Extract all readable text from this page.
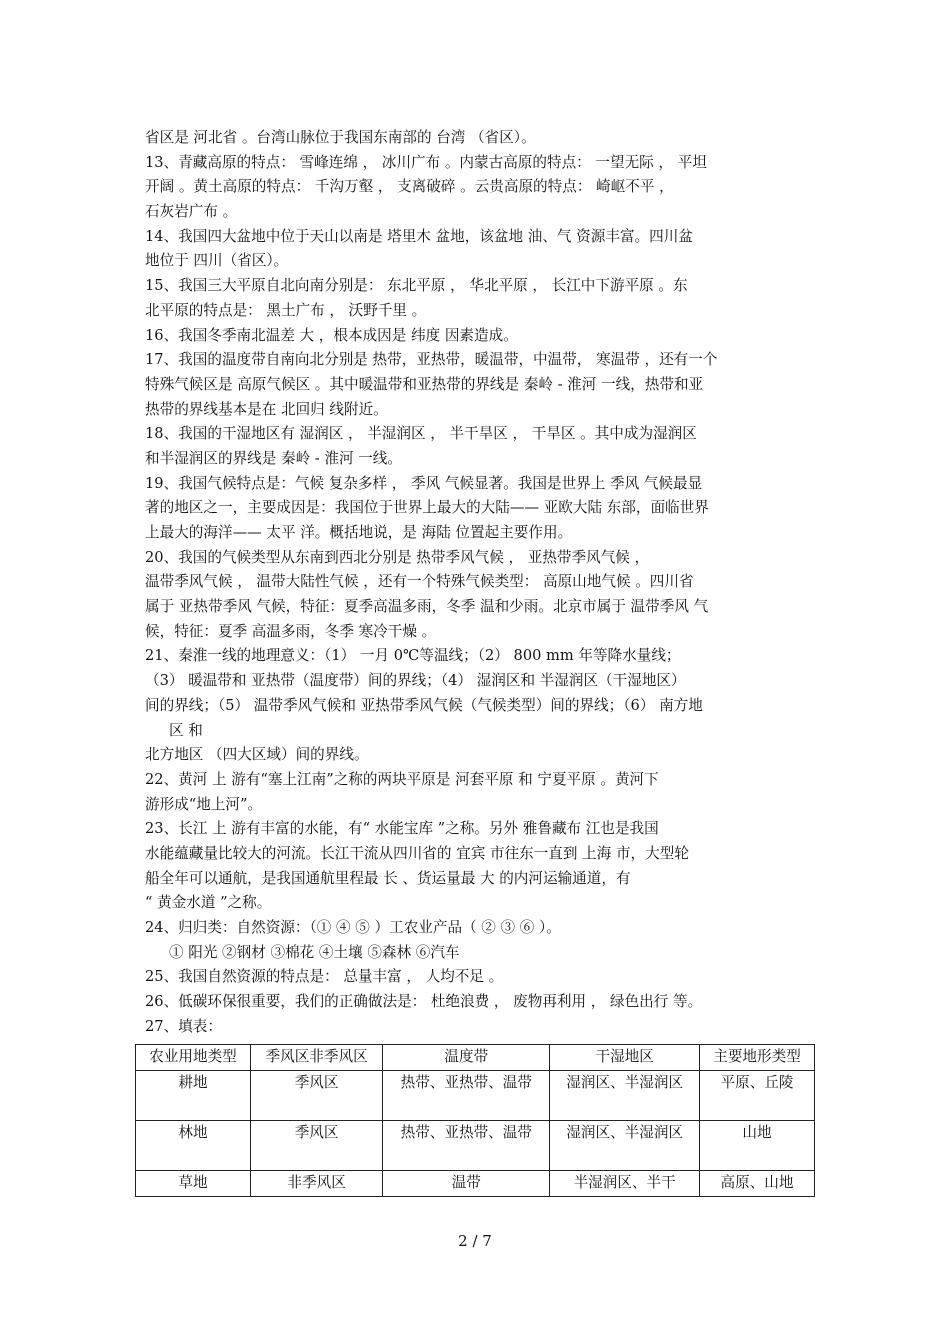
省区是 河北省 。台湾山脉位于我国东南部的 台湾 （省区）。
13、青藏高原的特点： 雪峰连绵 ， 冰川广布 。内蒙古高原的特点： 一望无际 ， 平坦
开阔 。黄土高原的特点： 千沟万壑 ， 支离破碎 。云贵高原的特点： 崎岖不平 ，
石灰岩广布 。
14、我国四大盆地中位于天山以南是 塔里木 盆地，该盆地 油、气 资源丰富。四川盆
地位于 四川（省区）。
15、我国三大平原自北向南分别是： 东北平原 ， 华北平原 ， 长江中下游平原 。东
北平原的特点是： 黑土广布 ， 沃野千里 。
16、我国冬季南北温差 大 ，根本成因是 纬度 因素造成。
17、我国的温度带自南向北分别是 热带，亚热带，暖温带，中温带， 寒温带 ，还有一个
特殊气候区是 高原气候区 。其中暖温带和亚热带的界线是 秦岭 - 淮河 一线，热带和亚
热带的界线基本是在 北回归 线附近。
18、我国的干湿地区有 湿润区 ， 半湿润区 ， 半干旱区 ， 干旱区 。其中成为湿润区
和半湿润区的界线是 秦岭 - 淮河 一线。
19、我国气候特点是：气候 复杂多样 ， 季风 气候显著。我国是世界上 季风 气候最显
著的地区之一，主要成因是：我国位于世界上最大的大陆—— 亚欧大陆 东部，面临世界
上最大的海洋—— 太平 洋。概括地说，是 海陆 位置起主要作用。
20、我国的气候类型从东南到西北分别是 热带季风气候 ， 亚热带季风气候 ，
温带季风气候 ， 温带大陆性气候 ，还有一个特殊气候类型： 高原山地气候 。四川省
属于 亚热带季风 气候，特征：夏季高温多雨，冬季 温和少雨。北京市属于 温带季风 气
候，特征：夏季 高温多雨，冬季 寒冷干燥 。
21、秦淮一线的地理意义：（1） 一月 0℃等温线；（2） 800 mm 年等降水量线；
（3） 暖温带和 亚热带（温度带）间的界线；（4） 湿润区和 半湿润区（干湿地区）
间的界线；（5） 温带季风气候和 亚热带季风气候（气候类型）间的界线；（6） 南方地
区 和
北方地区 （四大区域）间的界线。
22、黄河 上 游有“塞上江南”之称的两块平原是 河套平原 和 宁夏平原 。黄河下
游形成“地上河”。
23、长江 上 游有丰富的水能，有“ 水能宝库 ”之称。另外 雅鲁藏布 江也是我国
水能蕴藏量比较大的河流。长江干流从四川省的 宜宾 市往东一直到 上海 市，大型轮
船全年可以通航，是我国通航里程最 长 、货运量最 大 的内河运输通道，有
“ 黄金水道 ”之称。
24、归归类：自然资源：（① ④ ⑤ ）工农业产品（ ② ③ ⑥ ）。
① 阳光 ②钢材 ③棉花 ④土壤 ⑤森林 ⑥汽车
25、我国自然资源的特点是： 总量丰富 ， 人均不足 。
26、低碳环保很重要，我们的正确做法是： 杜绝浪费 ， 废物再利用 ， 绿色出行 等。
27、填表：
农业用地类型	季风区非季风区	温度带	干湿地区	主要地形类型
耕地	季风区	热带、亚热带、温带	湿润区、半湿润区	平原、丘陵
林地	季风区	热带、亚热带、温带	湿润区、半湿润区	山地
草地	非季风区	温带	半湿润区、半干	高原、山地
2 / 7
